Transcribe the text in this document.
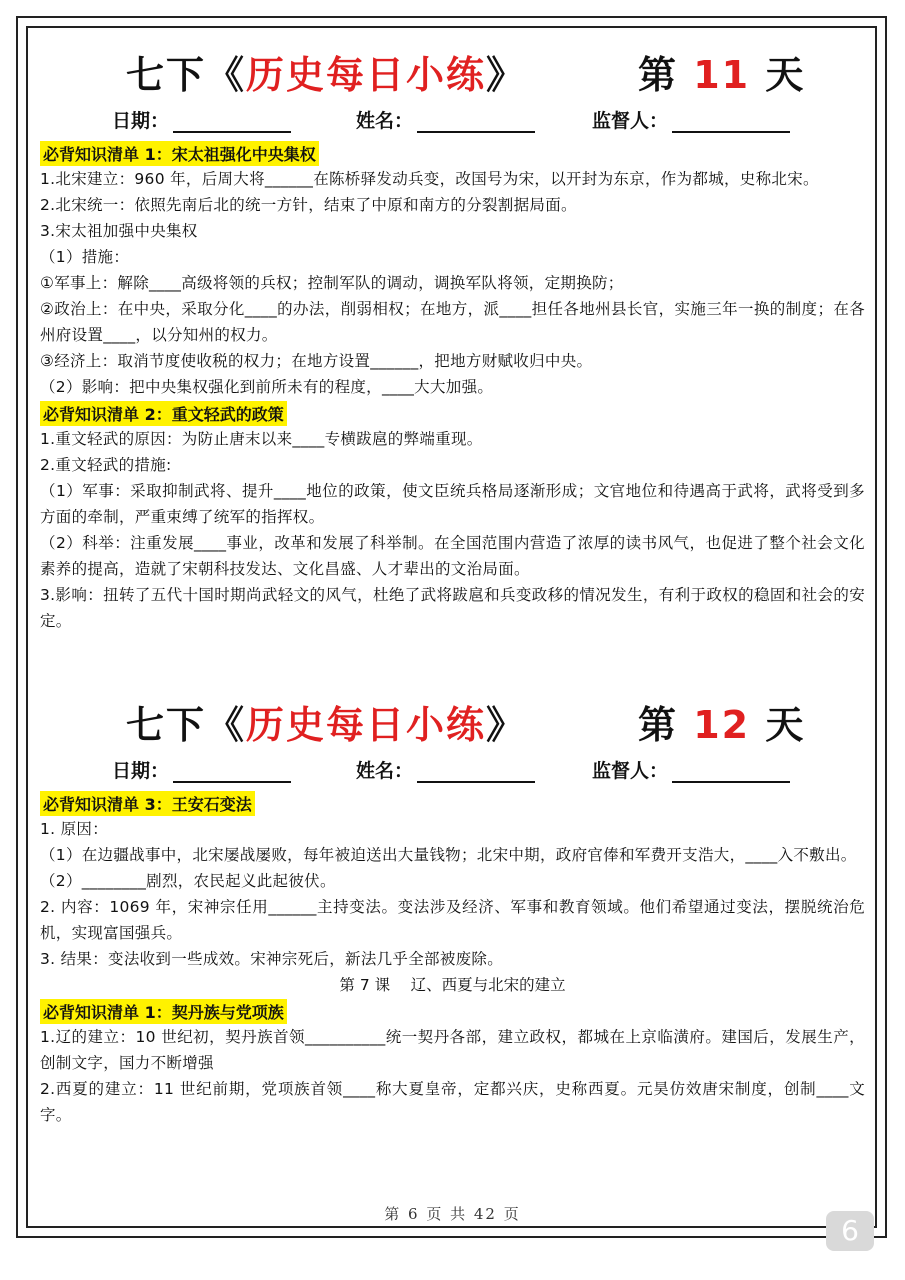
七下《历史每日小练》	第 11 天
日期：	姓名：	监督人：
必背知识清单 1：宋太祖强化中央集权

1.北宋建立：960 年，后周大将______在陈桥驿发动兵变，改国号为宋，以开封为东京，作为都城，史称北宋。

2.北宋统一：依照先南后北的统一方针，结束了中原和南方的分裂割据局面。

3.宋太祖加强中央集权

（1）措施：

①军事上：解除____高级将领的兵权；控制军队的调动，调换军队将领，定期换防；

②政治上：在中央，采取分化____的办法，削弱相权；在地方，派____担任各地州县长官，实施三年一换的制度；在各州府设置____，以分知州的权力。

③经济上：取消节度使收税的权力；在地方设置______，把地方财赋收归中央。

（2）影响：把中央集权强化到前所未有的程度，____大大加强。

必背知识清单 2：重文轻武的政策

1.重文轻武的原因：为防止唐末以来____专横跋扈的弊端重现。

2.重文轻武的措施:

（1）军事：采取抑制武将、提升____地位的政策，使文臣统兵格局逐渐形成；文官地位和待遇高于武将，武将受到多方面的牵制，严重束缚了统军的指挥权。

（2）科举：注重发展____事业，改革和发展了科举制。在全国范围内营造了浓厚的读书风气，也促进了整个社会文化素养的提高，造就了宋朝科技发达、文化昌盛、人才辈出的文治局面。

3.影响：扭转了五代十国时期尚武轻文的风气，杜绝了武将跋扈和兵变政移的情况发生，有利于政权的稳固和社会的安定。

七下《历史每日小练》	第 12 天
日期：	姓名：	监督人：
必背知识清单 3：王安石变法

1. 原因：

（1）在边疆战事中，北宋屡战屡败，每年被迫送出大量钱物；北宋中期，政府官俸和军费开支浩大，____入不敷出。

（2）________剧烈，农民起义此起彼伏。

2. 内容：1069 年，宋神宗任用______主持变法。变法涉及经济、军事和教育领域。他们希望通过变法，摆脱统治危机，实现富国强兵。

3. 结果：变法收到一些成效。宋神宗死后，新法几乎全部被废除。

第 7 课　 辽、西夏与北宋的建立
必背知识清单 1：契丹族与党项族

1.辽的建立：10 世纪初，契丹族首领__________统一契丹各部，建立政权，都城在上京临潢府。建国后，发展生产，创制文字，国力不断增强

2.西夏的建立：11 世纪前期，党项族首领____称大夏皇帝，定都兴庆，史称西夏。元昊仿效唐宋制度，创制____文字。

第 6 页 共 42 页	6
